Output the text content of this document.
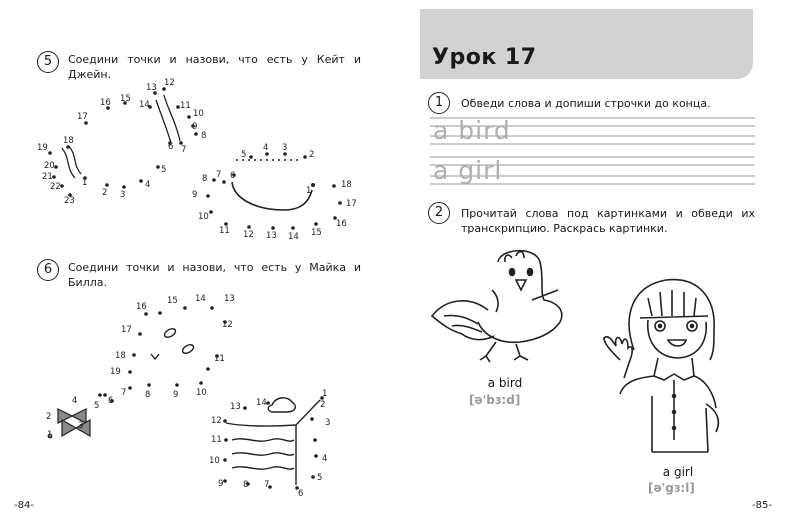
5	Соедини точки и назови, что есть у Кейт и
Джейн.
6	Соедини точки и назови, что есть у Майка и
Билла.
1
2 3
4
5
6 7
8
9
10
11
12
13
14
15
16
17
18
19
20
21
22
23
1
2
3
4
5
6
7
8
9
10
11 12 13 14 15
16
17
18
1
2
3
4 5 6
7 8	9 10
11
12
13
14
15
16
17
18
19
6
2
3
4
5
1
7
8
9
10
11
12
13 14
-84-
Урок 17
1	Обведи слова и допиши строчки до конца.
a bird
a girl
2	Прочитай слова под картинками и обведи их
транскрипцию. Раскрась картинки.
a bird
[ə'bɜ:d]
a girl
[ə'gɜ:l]
-85-
